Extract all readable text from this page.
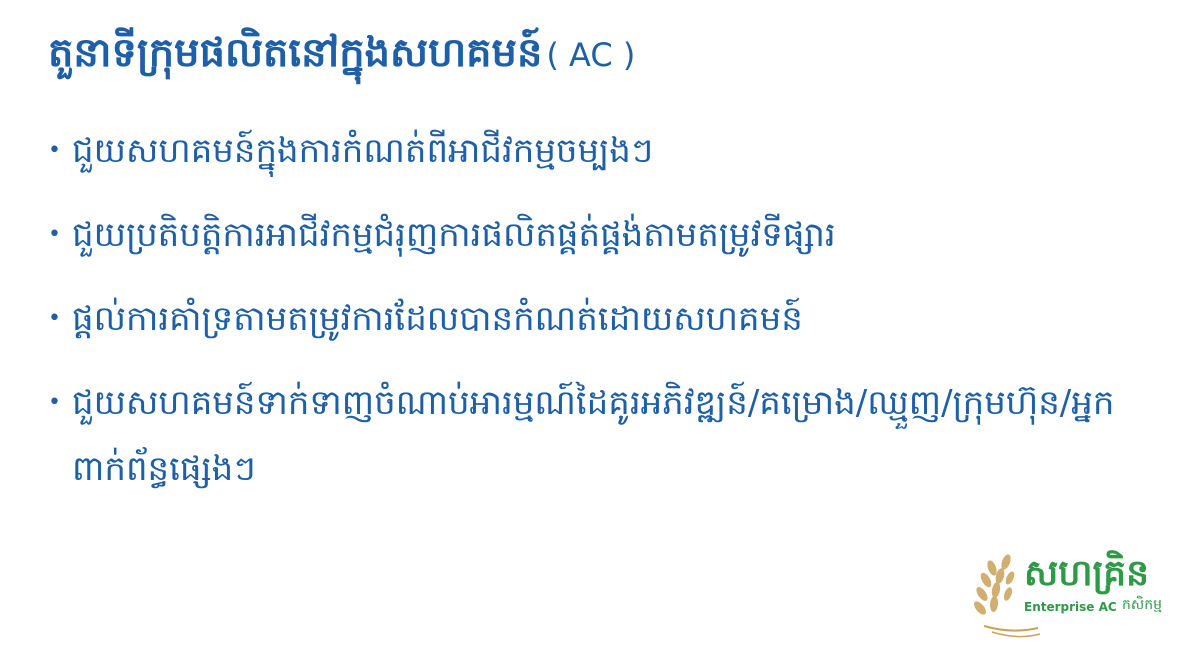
តួនាទីក្រុមផលិតនៅក្នុងសហគមន៍ ( AC )
• ជួយសហគមន៍ក្នុងការកំណត់ពីអាជីវកម្មចម្បងៗ
• ជួយប្រតិបត្តិការអាជីវកម្មជំរុញការផលិតផ្គត់ផ្គង់តាមតម្រូវទីផ្សារ
• ផ្តល់ការគាំទ្រតាមតម្រូវការដែលបានកំណត់ដោយសហគមន៍
• ជួយសហគមន៍ទាក់ទាញចំណាប់អារម្មណ៍ដៃគូរអភិវឌ្ឍន៍/គម្រោង/ឈ្មួញ/ក្រុមហ៊ុន/អ្នកពាក់ព័ន្ធផ្សេងៗ
សហគ្រិន
Enterprise AC កសិកម្ម
